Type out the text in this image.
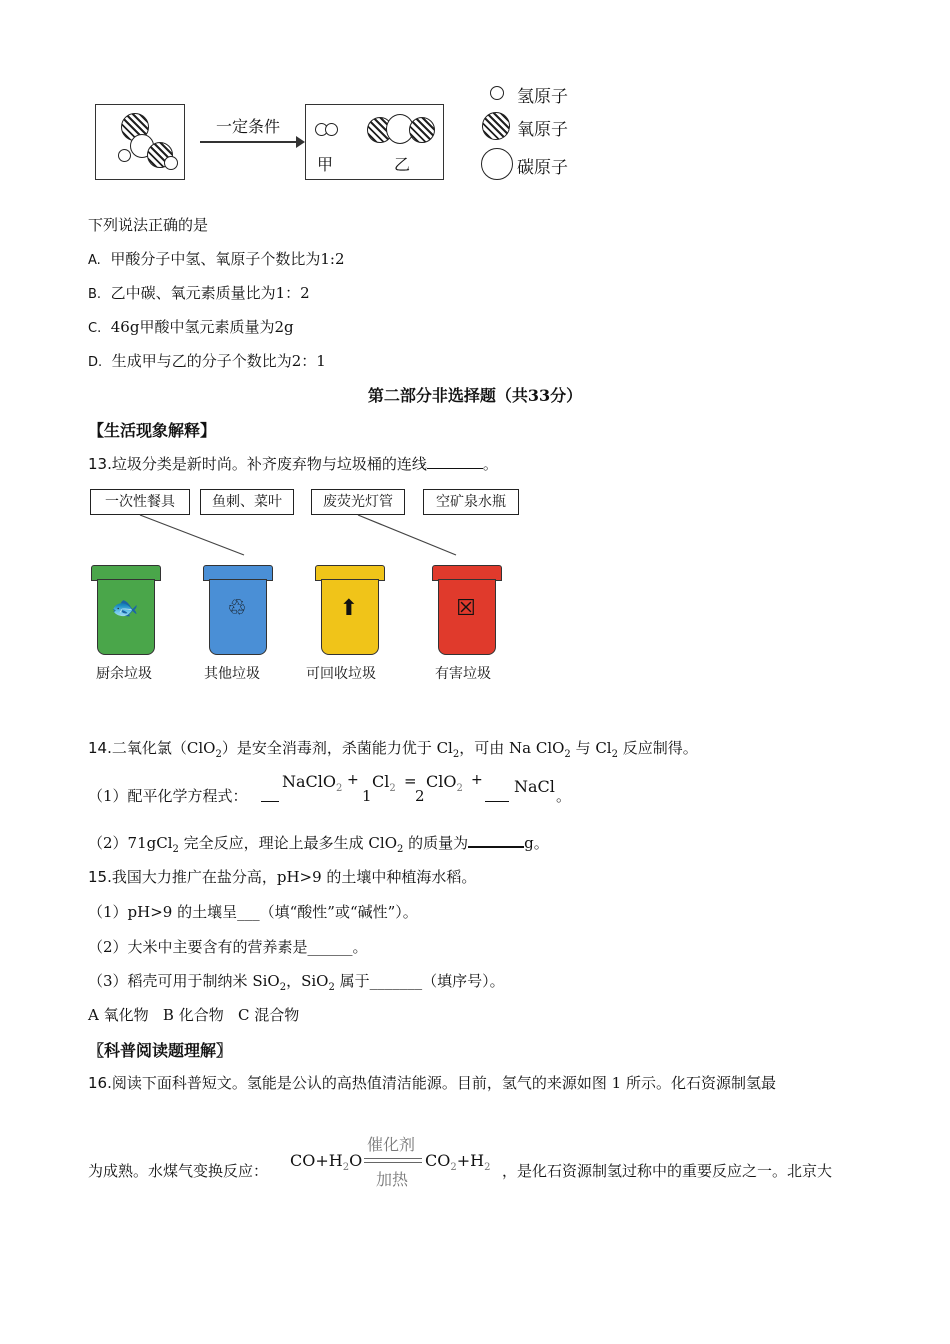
一定条件
甲	乙
氢原子
氧原子
碳原子
下列说法正确的是
A. 甲酸分子中氢、氧原子个数比为1:2
B. 乙中碳、氧元素质量比为1：2
C. 46g甲酸中氢元素质量为2g
D. 生成甲与乙的分子个数比为2：1
第二部分非选择题（共33分）
【生活现象解释】
13.垃圾分类是新时尚。补齐废弃物与垃圾桶的连线	。
一次性餐具	鱼刺、菜叶	废荧光灯管	空矿泉水瓶
🐟	♲	⬆	☒
厨余垃圾	其他垃圾	可回收垃圾	有害垃圾
14.二氧化氯（ClO$_2$）是安全消毒剂，杀菌能力优于 $Cl_2$，可由 Na ClO$_2$ 与 $Cl_2$ 反应制得。
（1）配平化学方程式：
NaClO$_2$
+
1
$Cl_2$ =
2
ClO$_2$
+ NaCl 。
（2）71gCl$_2$ 完全反应，理论上最多生成 ClO$_2$ 的质量为	g。
15.我国大力推广在盐分高，pH>9 的土壤中种植海水稻。
（1）pH>9 的土壤呈___（填“酸性”或“碱性”）。
（2）大米中主要含有的营养素是______。
（3）稻壳可用于制纳米 SiO$_2$，SiO$_2$ 属于_______（填序号）。
A 氧化物   B 化合物   C 混合物
〖科普阅读题理解〗
16.阅读下面科普短文。氢能是公认的高热值清洁能源。目前，氢气的来源如图 1 所示。化石资源制氢最
为成熟。水煤气变换反应：
$CO+H_2O$
催化剂
加热
$CO_2+H_2$ ，是化石资源制氢过称中的重要反应之一。北京大
